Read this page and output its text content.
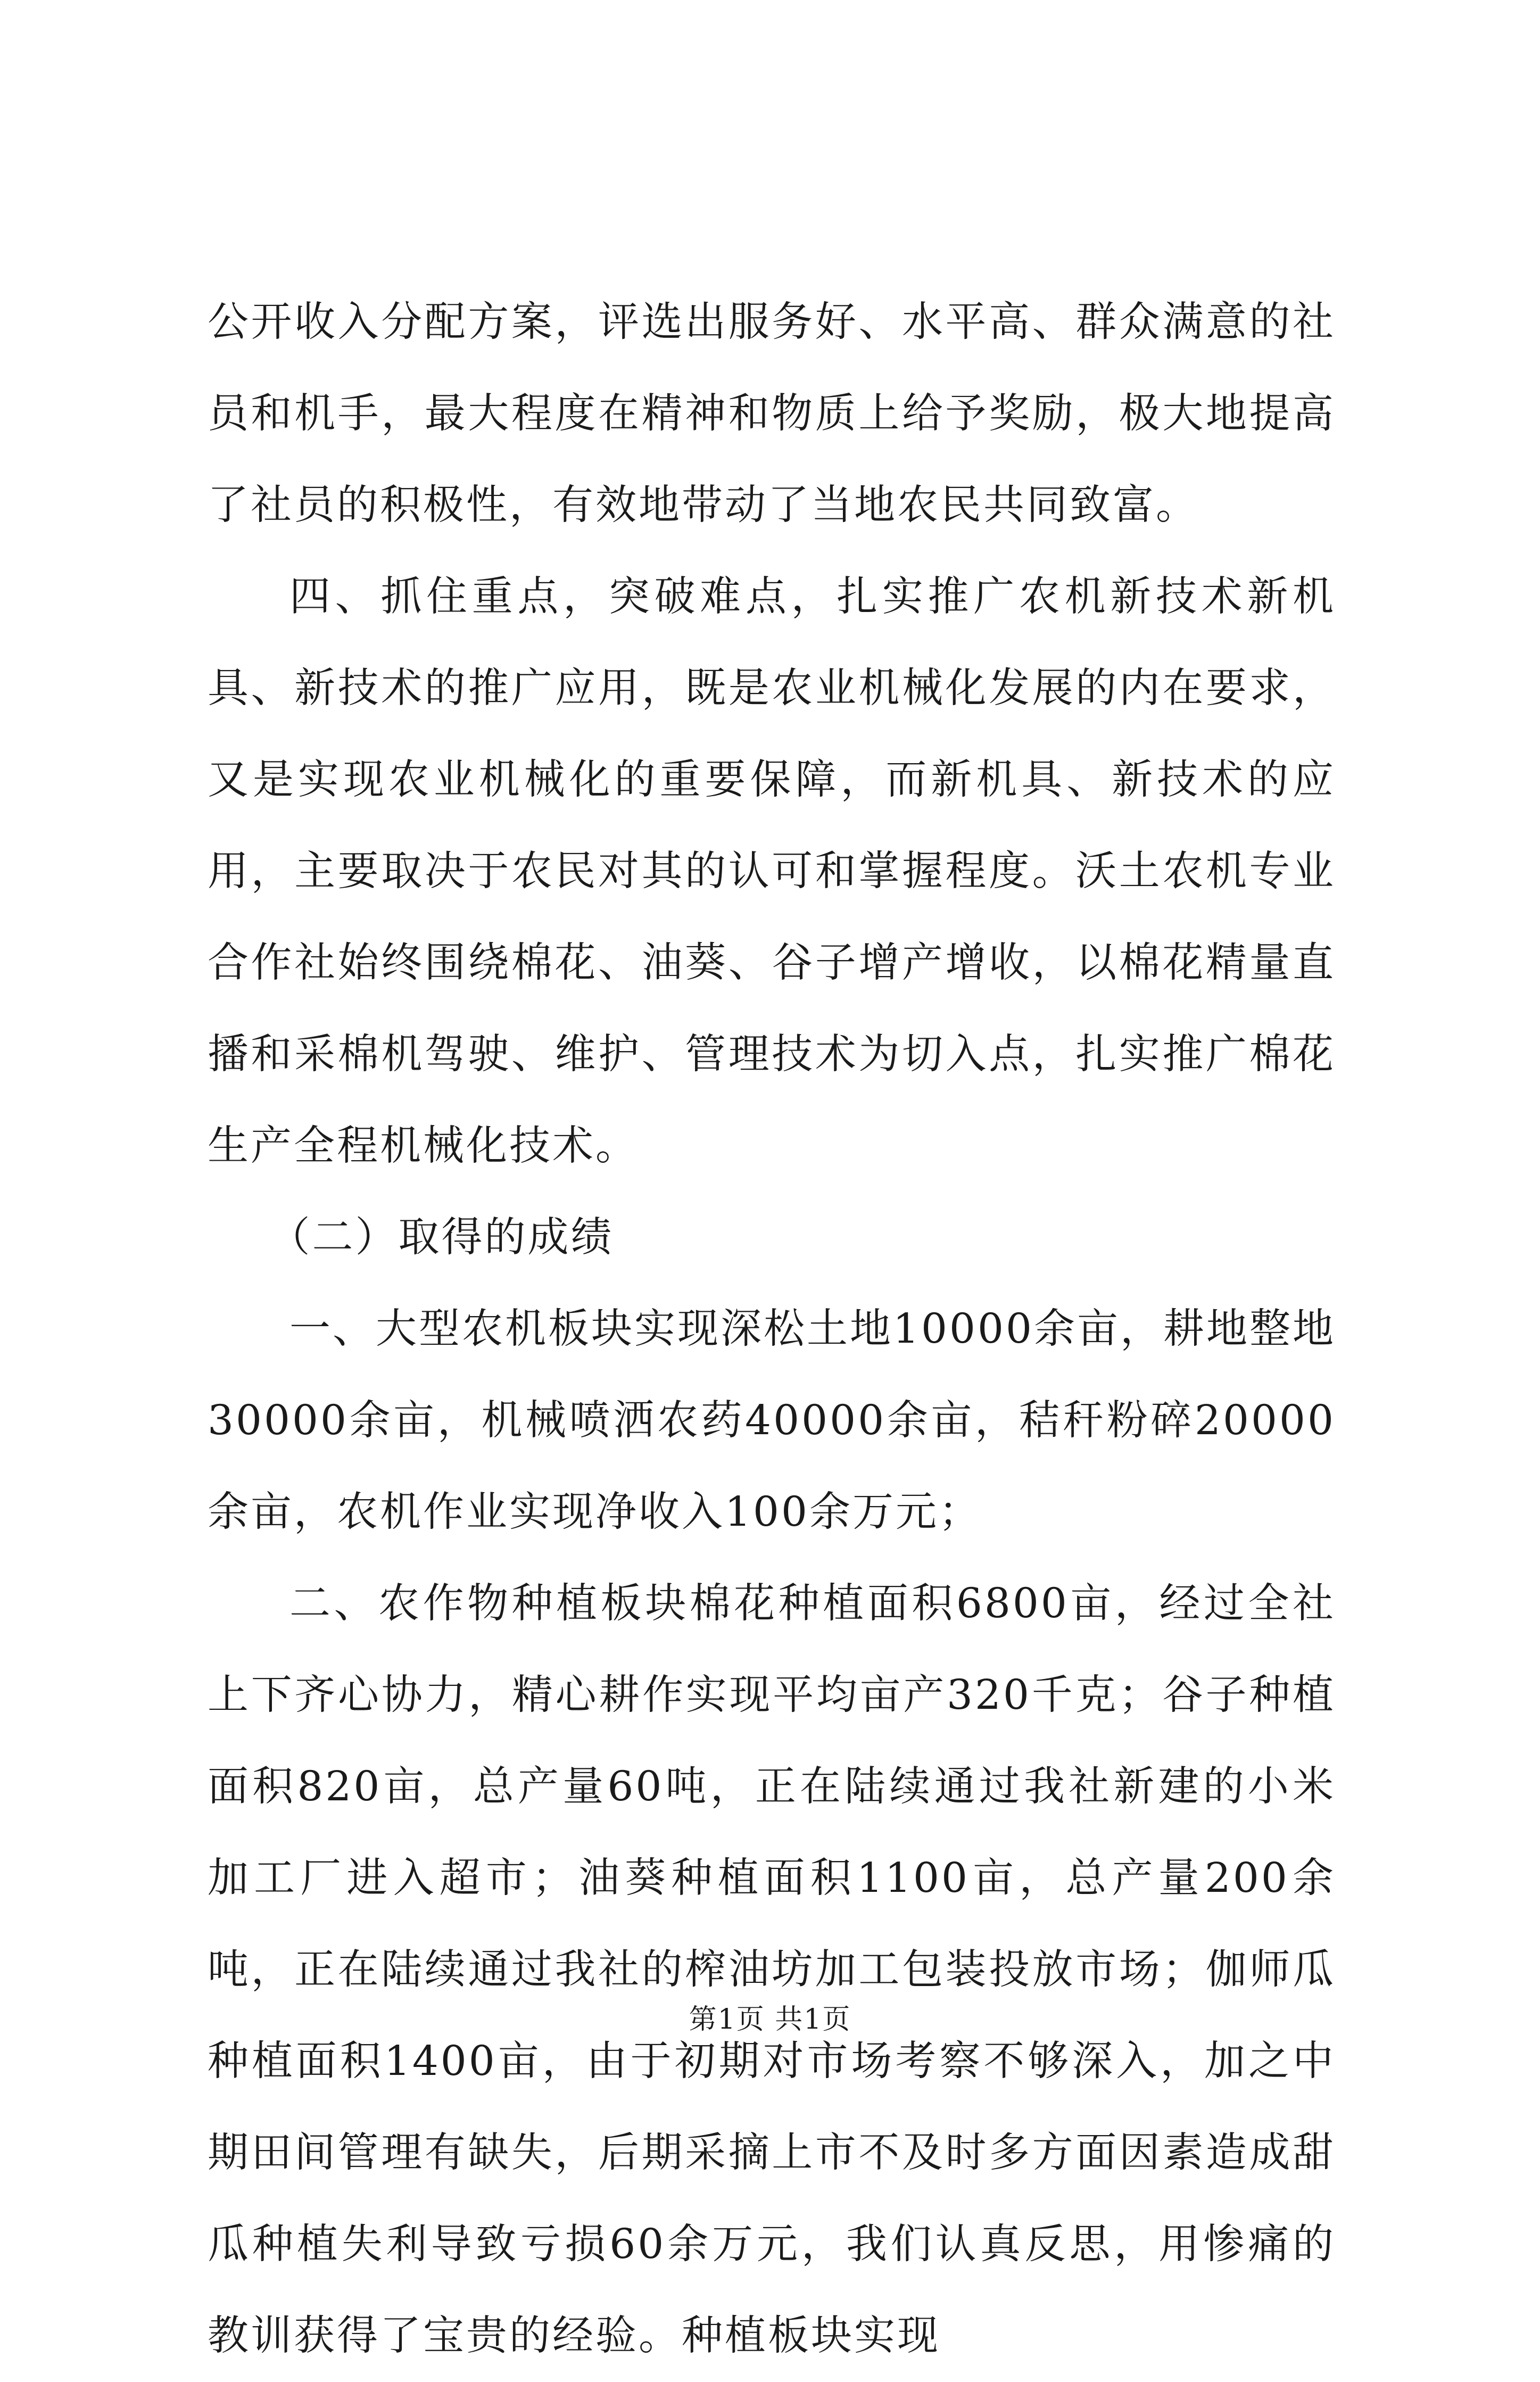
公开收入分配方案，评选出服务好、水平高、群众满意的社员和机手，最大程度在精神和物质上给予奖励，极大地提高了社员的积极性，有效地带动了当地农民共同致富。

四、抓住重点，突破难点，扎实推广农机新技术新机具、新技术的推广应用，既是农业机械化发展的内在要求，又是实现农业机械化的重要保障，而新机具、新技术的应用，主要取决于农民对其的认可和掌握程度。沃土农机专业合作社始终围绕棉花、油葵、谷子增产增收，以棉花精量直播和采棉机驾驶、维护、管理技术为切入点，扎实推广棉花生产全程机械化技术。

（二）取得的成绩

一、大型农机板块实现深松土地10000余亩，耕地整地30000余亩，机械喷洒农药40000余亩，秸秆粉碎20000余亩，农机作业实现净收入100余万元；

二、农作物种植板块棉花种植面积6800亩，经过全社上下齐心协力，精心耕作实现平均亩产320千克；谷子种植面积820亩，总产量60吨，正在陆续通过我社新建的小米加工厂进入超市；油葵种植面积1100亩，总产量200余吨，正在陆续通过我社的榨油坊加工包装投放市场；伽师瓜种植面积1400亩，由于初期对市场考察不够深入，加之中期田间管理有缺失，后期采摘上市不及时多方面因素造成甜瓜种植失利导致亏损60余万元，我们认真反思，用惨痛的教训获得了宝贵的经验。种植板块实现

第1页 共1页
